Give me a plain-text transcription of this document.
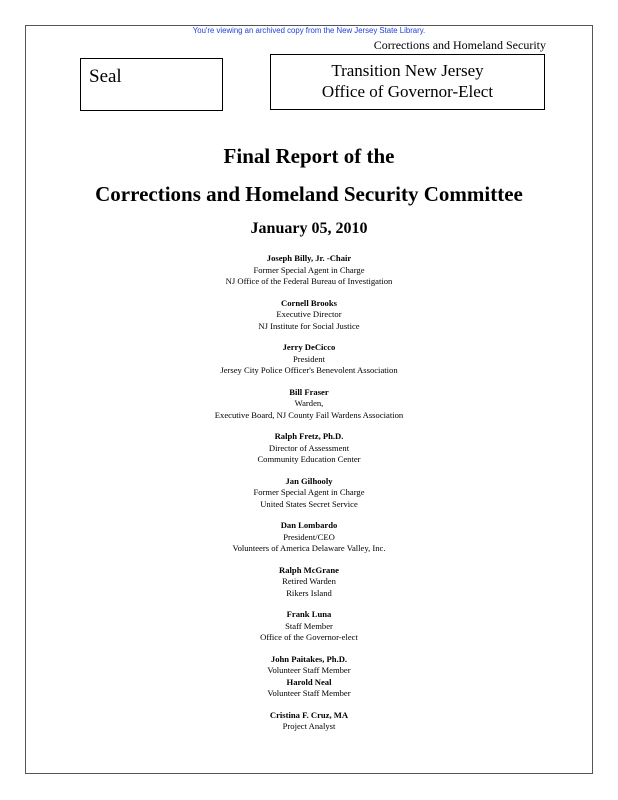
You're viewing an archived copy from the New Jersey State Library.
Corrections and Homeland Security
Seal	Transition New Jersey
Office of Governor-Elect
Final Report of the
Corrections and Homeland Security Committee
January 05, 2010
Joseph Billy, Jr. -Chair
Former Special Agent in Charge
NJ Office of the Federal Bureau of Investigation
Cornell Brooks
Executive Director
NJ Institute for Social Justice
Jerry DeCicco
President
Jersey City Police Officer's Benevolent Association
Bill Fraser
Warden,
Executive Board, NJ County Fail Wardens Association
Ralph Fretz, Ph.D.
Director of Assessment
Community Education Center
Jan Gilhooly
Former Special Agent in Charge
United States Secret Service
Dan Lombardo
President/CEO
Volunteers of America Delaware Valley, Inc.
Ralph McGrane
Retired Warden
Rikers Island
Frank Luna
Staff Member
Office of the Governor-elect
John Paitakes, Ph.D.
Volunteer Staff Member
Harold Neal
Volunteer Staff Member
Cristina F. Cruz, MA
Project Analyst
